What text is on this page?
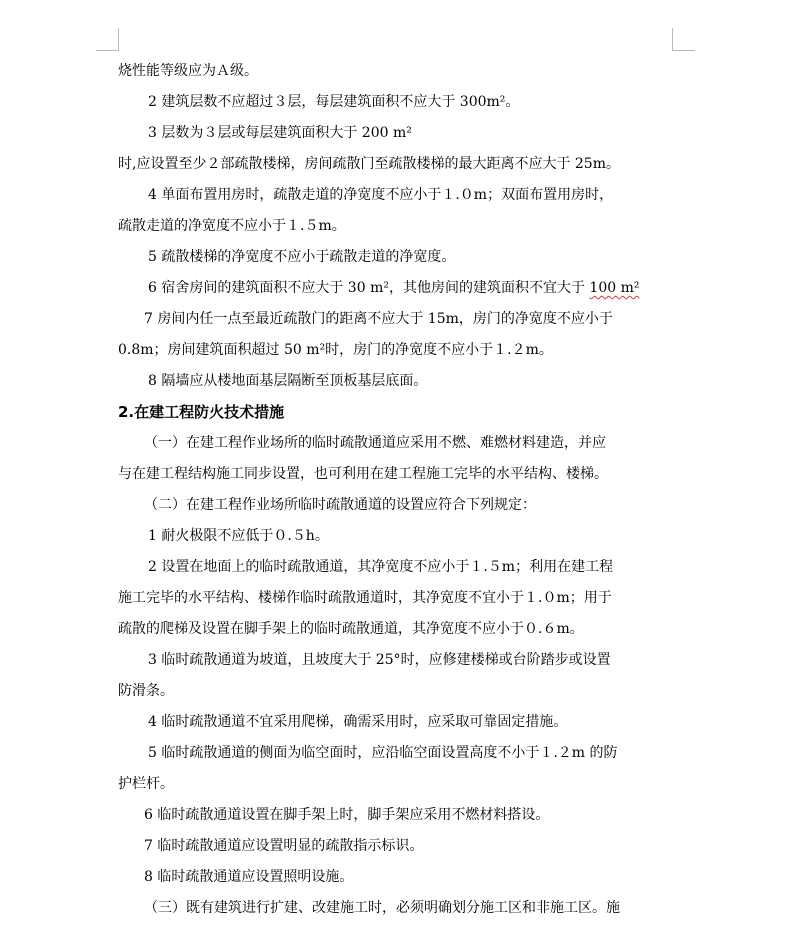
烧性能等级应为Ａ级。
2 建筑层数不应超过３层，每层建筑面积不应大于 300m²。
3 层数为３层或每层建筑面积大于 200 m²
时,应设置至少２部疏散楼梯，房间疏散门至疏散楼梯的最大距离不应大于 25m。
4 单面布置用房时，疏散走道的净宽度不应小于１.０m；双面布置用房时，
疏散走道的净宽度不应小于１.５m。
5 疏散楼梯的净宽度不应小于疏散走道的净宽度。
6 宿舍房间的建筑面积不应大于 30 m²，其他房间的建筑面积不宜大于 100 m²
7 房间内任一点至最近疏散门的距离不应大于 15m，房门的净宽度不应小于
0.8m；房间建筑面积超过 50 m²时，房门的净宽度不应小于１.２m。
8 隔墙应从楼地面基层隔断至顶板基层底面。
2.在建工程防火技术措施
（一）在建工程作业场所的临时疏散通道应采用不燃、难燃材料建造，并应
与在建工程结构施工同步设置，也可利用在建工程施工完毕的水平结构、楼梯。
（二）在建工程作业场所临时疏散通道的设置应符合下列规定：
1 耐火极限不应低于０.５h。
2 设置在地面上的临时疏散通道，其净宽度不应小于１.５m；利用在建工程
施工完毕的水平结构、楼梯作临时疏散通道时，其净宽度不宜小于１.０m；用于
疏散的爬梯及设置在脚手架上的临时疏散通道，其净宽度不应小于０.６m。
3 临时疏散通道为坡道，且坡度大于 25°时，应修建楼梯或台阶踏步或设置
防滑条。
4 临时疏散通道不宜采用爬梯，确需采用时，应采取可靠固定措施。
5 临时疏散通道的侧面为临空面时，应沿临空面设置高度不小于１.２m 的防
护栏杆。
6 临时疏散通道设置在脚手架上时，脚手架应采用不燃材料搭设。
7 临时疏散通道应设置明显的疏散指示标识。
8 临时疏散通道应设置照明设施。
（三）既有建筑进行扩建、改建施工时，必须明确划分施工区和非施工区。施
